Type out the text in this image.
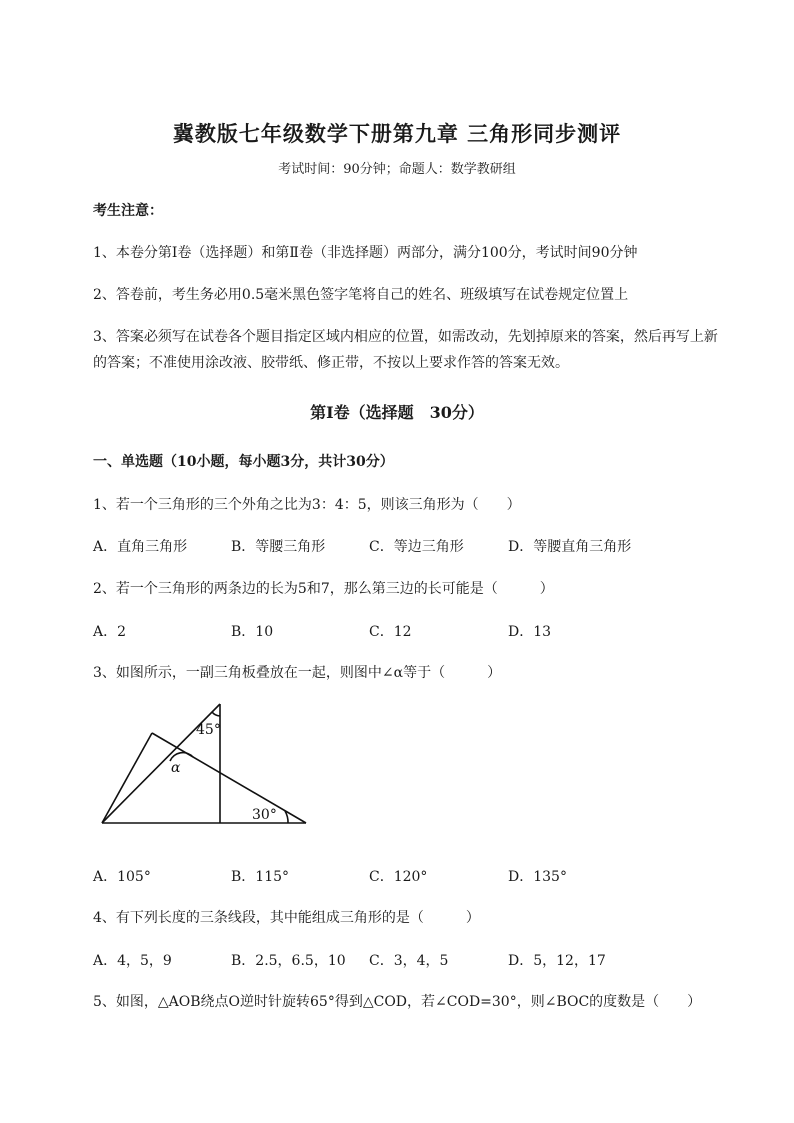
冀教版七年级数学下册第九章 三角形同步测评
考试时间：90分钟；命题人：数学教研组
考生注意：
1、本卷分第Ⅰ卷（选择题）和第Ⅱ卷（非选择题）两部分，满分100分，考试时间90分钟
2、答卷前，考生务必用0.5毫米黑色签字笔将自己的姓名、班级填写在试卷规定位置上
3、答案必须写在试卷各个题目指定区域内相应的位置，如需改动，先划掉原来的答案，然后再写上新
的答案；不准使用涂改液、胶带纸、修正带，不按以上要求作答的答案无效。
第Ⅰ卷（选择题　30分）
一、单选题（10小题，每小题3分，共计30分）
1、若一个三角形的三个外角之比为3：4：5，则该三角形为（　　）
A．直角三角形	B．等腰三角形	C．等边三角形	D．等腰直角三角形
2、若一个三角形的两条边的长为5和7，那么第三边的长可能是（　　　）
A．2	B．10	C．12	D．13
3、如图所示，一副三角板叠放在一起，则图中∠α等于（　　　）
45°
α
30°
A．105°	B．115°	C．120°	D．135°
4、有下列长度的三条线段，其中能组成三角形的是（　　　）
A．4，5，9	B．2.5，6.5，10 C．3，4，5	D．5，12，17
5、如图，△AOB绕点O逆时针旋转65°得到△COD，若∠COD=30°，则∠BOC的度数是（　　）
